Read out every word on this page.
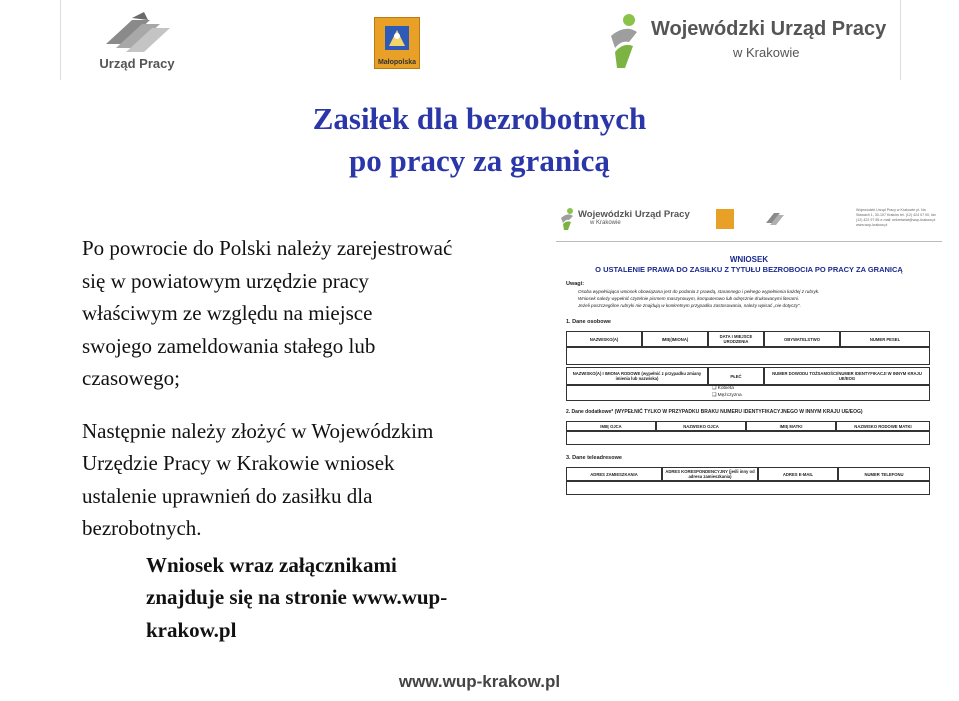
Urząd Pracy	Małopolska
Wojewódzki Urząd Pracy
w Krakowie
Zasiłek dla bezrobotnych
po pracy za granicą

Po powrocie do Polski należy zarejestrować
się w powiatowym urzędzie pracy
właściwym ze względu na miejsce
swojego zameldowania stałego lub
czasowego;

Następnie należy złożyć w Wojewódzkim
Urzędzie Pracy w Krakowie wniosek
ustalenie uprawnień do zasiłku dla
bezrobotnych.

Wniosek wraz załącznikami
znajduje się na stronie www.wup-
krakow.pl

Wojewódzki Urząd Pracy
w Krakowie
Wojewódzki Urząd Pracy w Krakowie pl. Na Stawach 1, 30-107 Kraków tel. (12) 424 07 00, fax (12) 422 97 85 e-mail: sekretariat@wup-krakow.pl www.wup-krakow.pl
WNIOSEK
O USTALENIE PRAWA DO ZASIŁKU Z TYTUŁU BEZROBOCIA PO PRACY ZA GRANICĄ
Uwagi:
Osoba wypełniająca wniosek obowiązana jest do podania z prawdą, starannego i pełnego wypełnienia każdej z rubryk.
Wniosek należy wypełnić czytelnie pismem maszynowym, komputerowo lub odręcznie drukowanymi literami.
Jeżeli poszczególne rubryki nie znajdują w konkretnym przypadku zastosowania, należy wpisać „nie dotyczy”.
1. Dane osobowe
NAZWISKO(A)	IMIĘ(IMIONA)	DATA I MIEJSCE URODZENIA	OBYWATELSTWO	NUMER PESEL
NAZWISKO(A) I IMIONA RODOWE (wypełnić z przypadku zmiany imienia lub nazwiska)	PŁEĆ	NUMER DOWODU TOŻSAMOŚCI/NUMER IDENTYFIKACJI W INNYM KRAJU UE/EOG
❑ Kobieta
❑ Mężczyzna
2. Dane dodatkowe* (WYPEŁNIĆ TYLKO W PRZYPADKU BRAKU NUMERU IDENTYFIKACYJNEGO W INNYM KRAJU UE/EOG)
IMIĘ OJCA	NAZWISKO OJCA	IMIĘ MATKI	NAZWISKO RODOWE MATKI
3. Dane teleadresowe
ADRES ZAMIESZKANIA	ADRES KORESPONDENCYJNY (jeśli inny od adresu zamieszkania)	ADRES E-MAIL	NUMER TELEFONU
www.wup-krakow.pl
